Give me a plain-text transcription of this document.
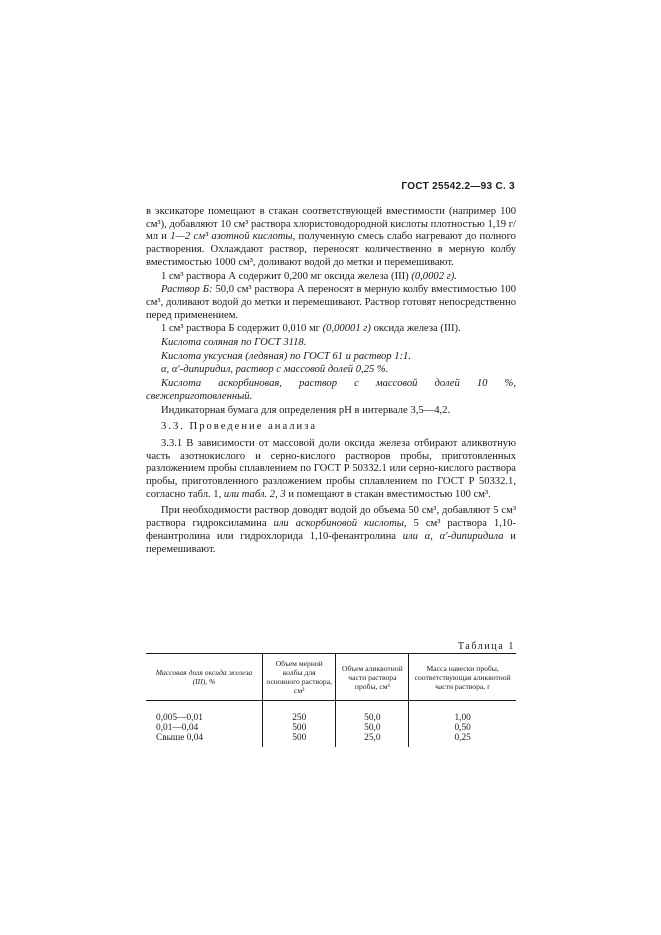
ГОСТ 25542.2—93 С. 3

в эксикаторе помещают в стакан соответствующей вместимости (например 100 см³), добавляют 10 см³ раствора хлористоводородной кислоты плотностью 1,19 г/мл и 1—2 см³ азотной кислоты, полученную смесь слабо нагревают до полного растворения. Охлаждают раствор, переносят количественно в мерную колбу вместимостью 1000 см³, доливают водой до метки и перемешивают.

1 см³ раствора А содержит 0,200 мг оксида железа (III) (0,0002 г).

Раствор Б: 50,0 см³ раствора А переносят в мерную колбу вместимостью 100 см³, доливают водой до метки и перемешивают. Раствор готовят непосредственно перед применением.

1 см³ раствора Б содержит 0,010 мг (0,00001 г) оксида железа (III).

Кислота соляная по ГОСТ 3118.

Кислота уксусная (ледяная) по ГОСТ 61 и раствор 1:1.

α, α'-дипиридил, раствор с массовой долей 0,25 %.

Кислота аскорбиновая, раствор с массовой долей 10 %, свежеприготовленный.

Индикаторная бумага для определения рН в интервале 3,5—4,2.

3.3. Проведение анализа

3.3.1 В зависимости от массовой доли оксида железа отбирают аликвотную часть азотнокислого и серно-кислого растворов пробы, приготовленных разложением пробы сплавлением по ГОСТ Р 50332.1 или серно-кислого раствора пробы, приготовленного разложением пробы сплавлением по ГОСТ Р 50332.1, согласно табл. 1, или табл. 2, 3 и помещают в стакан вместимостью 100 см³.

При необходимости раствор доводят водой до объема 50 см³, добавляют 5 см³ раствора гидроксиламина или аскорбиновой кислоты, 5 см³ раствора 1,10-фенантролина или гидрохлорида 1,10-фенантролина или α, α'-дипиридила и перемешивают.

Таблица 1
Массовая доля оксида железа (III), %	Объем мерной колбы для основного раствора, см³	Объем аликвотной части раствора пробы, см³	Масса навески пробы, соответствующая аликвотной части раствора, г
0,005—0,01	250	50,0	1,00
0,01—0,04	500	50,0	0,50
Свыше 0,04	500	25,0	0,25
